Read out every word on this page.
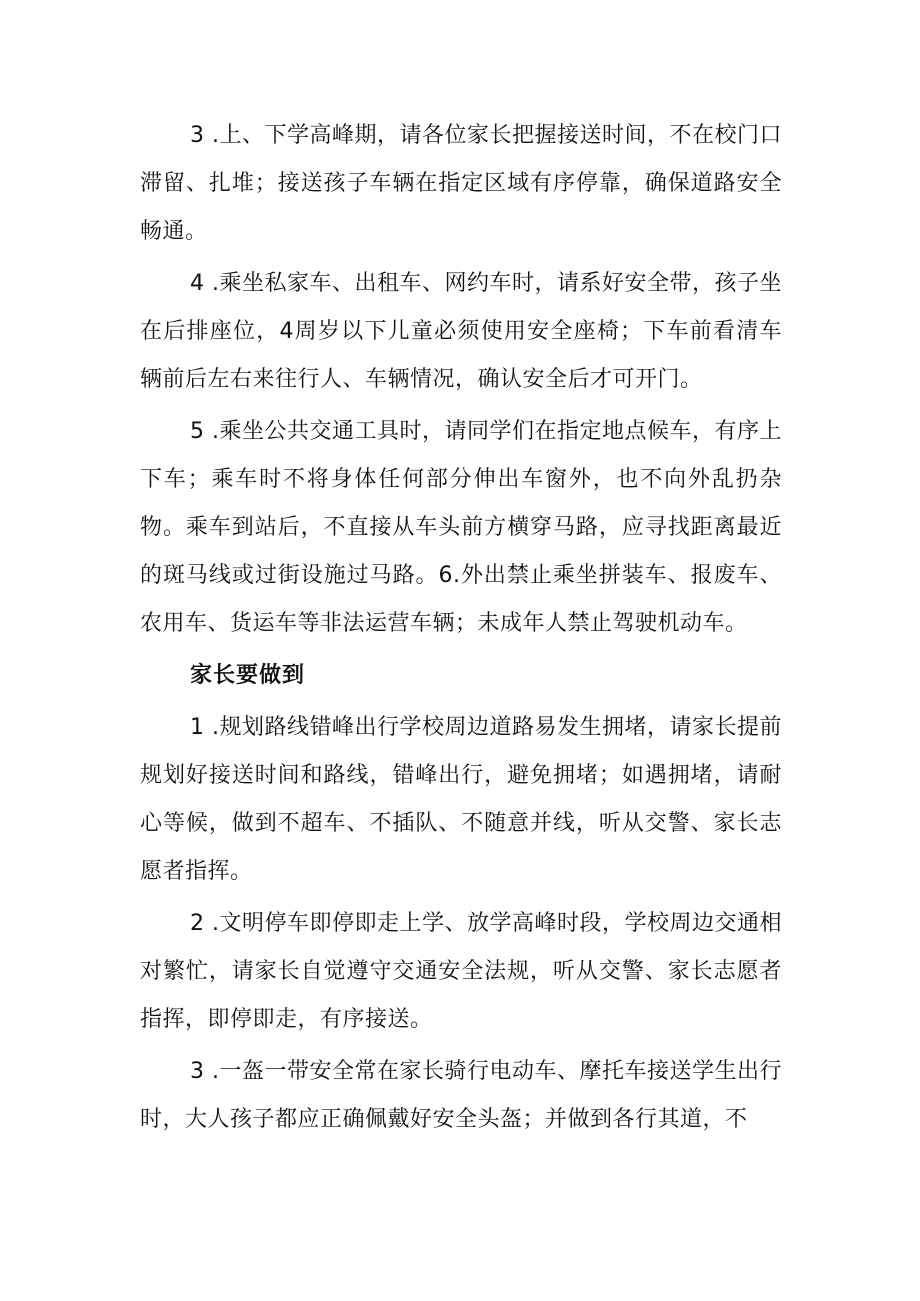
3 .上、下学高峰期，请各位家长把握接送时间，不在校门口滞留、扎堆；接送孩子车辆在指定区域有序停靠，确保道路安全畅通。

4 .乘坐私家车、出租车、网约车时，请系好安全带，孩子坐在后排座位，4周岁以下儿童必须使用安全座椅；下车前看清车辆前后左右来往行人、车辆情况，确认安全后才可开门。

5 .乘坐公共交通工具时，请同学们在指定地点候车，有序上下车；乘车时不将身体任何部分伸出车窗外，也不向外乱扔杂物。乘车到站后，不直接从车头前方横穿马路，应寻找距离最近的斑马线或过街设施过马路。6.外出禁止乘坐拼装车、报废车、农用车、货运车等非法运营车辆；未成年人禁止驾驶机动车。

家长要做到

1 .规划路线错峰出行学校周边道路易发生拥堵，请家长提前规划好接送时间和路线，错峰出行，避免拥堵；如遇拥堵，请耐心等候，做到不超车、不插队、不随意并线，听从交警、家长志愿者指挥。

2 .文明停车即停即走上学、放学高峰时段，学校周边交通相对繁忙，请家长自觉遵守交通安全法规，听从交警、家长志愿者指挥，即停即走，有序接送。

3 .一盔一带安全常在家长骑行电动车、摩托车接送学生出行时，大人孩子都应正确佩戴好安全头盔；并做到各行其道，不
